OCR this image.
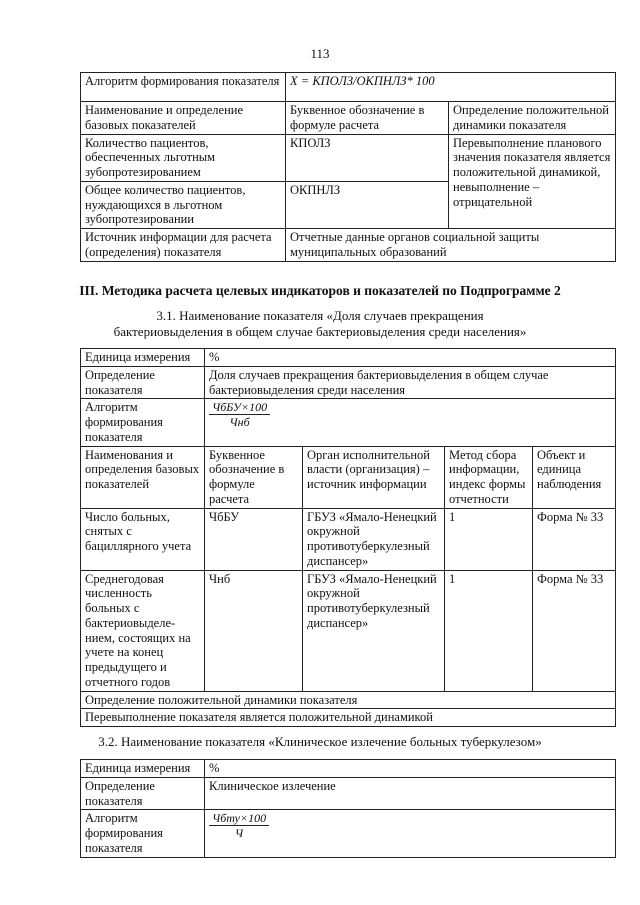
113
Алгоритм формирования показателя	X = КПОЛЗ/ОКПНЛЗ* 100	
Наименование и определение базовых показателей	Буквенное обозначение в формуле расчета	Определение положительной динамики показателя
Количество пациентов, обеспеченных льготным зубопротезированием	КПОЛЗ	Перевыполнение планового значения показателя является положительной динамикой, невыполнение – отрицательной
Общее количество пациентов, нуждающихся в льготном зубопротезировании	ОКПНЛЗ	
Источник информации для расчета (определения) показателя	Отчетные данные органов социальной защиты муниципальных образований	
III. Методика расчета целевых индикаторов и показателей по Подпрограмме 2
3.1. Наименование показателя «Доля случаев прекращения
бактериовыделения в общем случае бактериовыделения среди населения»
Единица измерения	%			
Определение показателя	Доля случаев прекращения бактериовыделения в общем случае бактериовыделения среди населения			
Алгоритм формирования показателя	$\frac{\text{ЧбБУ×100}}{\text{Чнб}}$

Наименования и определения базовых показателей	Буквенное обозначение в формуле расчета	Орган исполнительной власти (организация) – источник информации	Метод сбора информации, индекс формы отчетности	Объект и единица наблюдения
Число больных, снятых с бациллярного учета	ЧбБУ	ГБУЗ «Ямало-Ненецкий окружной противотуберкулезный диспансер»	1	Форма № 33
Среднегодовая численность больных с бактериовыделе-нием, состоящих на учете на конец предыдущего и отчетного годов	Чнб	ГБУЗ «Ямало-Ненецкий окружной противотуберкулезный диспансер»	1	Форма № 33
Определение положительной динамики показателя				
Перевыполнение показателя является положительной динамикой				
3.2. Наименование показателя «Клиническое излечение больных туберкулезом»
Единица измерения	%
Определение показателя	Клиническое излечение
Алгоритм формирования показателя	$\frac{\text{Чбту×100}}{Ч}$
